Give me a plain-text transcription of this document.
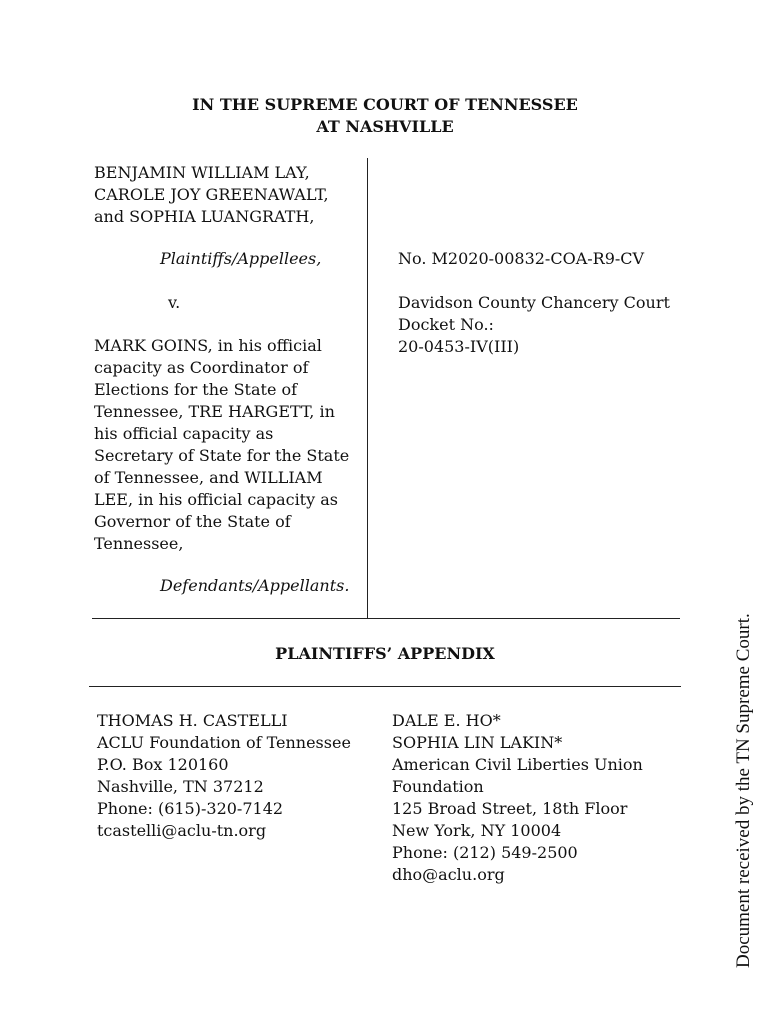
IN THE SUPREME COURT OF TENNESSEE
AT NASHVILLE
BENJAMIN WILLIAM LAY,
CAROLE JOY GREENAWALT,
and SOPHIA LUANGRATH,
Plaintiffs/Appellees,
v.
MARK GOINS, in his official
capacity as Coordinator of
Elections for the State of
Tennessee, TRE HARGETT, in
his official capacity as
Secretary of State for the State
of Tennessee, and WILLIAM
LEE, in his official capacity as
Governor of the State of
Tennessee,
Defendants/Appellants.
No. M2020-00832-COA-R9-CV
Davidson County Chancery Court
Docket No.:
20-0453-IV(III)
PLAINTIFFS’ APPENDIX
THOMAS H. CASTELLI
ACLU Foundation of Tennessee
P.O. Box 120160
Nashville, TN 37212
Phone: (615)-320-7142
tcastelli@aclu-tn.org
DALE E. HO*
SOPHIA LIN LAKIN*
American Civil Liberties Union
Foundation
125 Broad Street, 18th Floor
New York, NY 10004
Phone: (212) 549-2500
dho@aclu.org	Document received by the TN Supreme Court.
